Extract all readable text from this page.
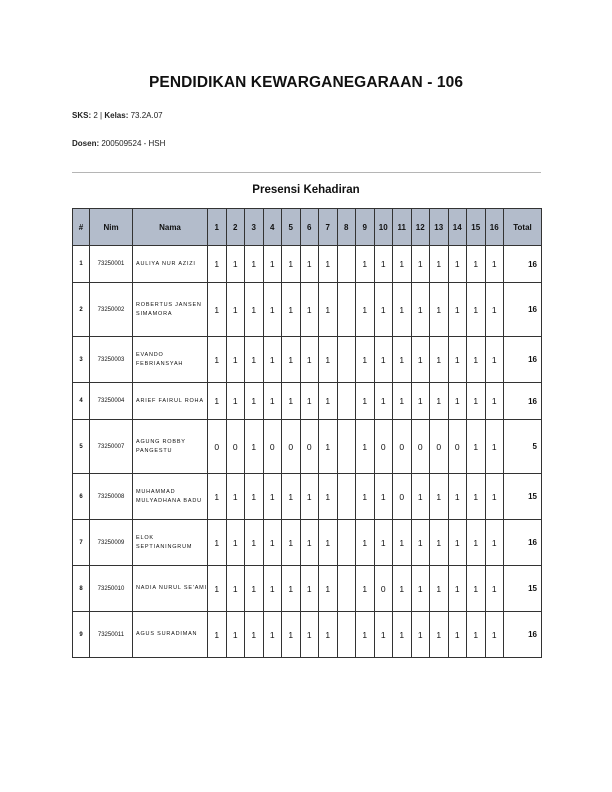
PENDIDIKAN KEWARGANEGARAAN - 106
SKS: 2 | Kelas: 73.2A.07
Dosen: 200509524 - HSH
Presensi Kehadiran
#	Nim	Nama	1	2	3	4	5	6	7	8	9	10	11	12	13	14	15	16	Total
1	73250001	AULIYA NUR AZIZI	1	1	1	1	1	1	1		1	1	1	1	1	1	1	1	16
2	73250002	ROBERTUS JANSEN SIMAMORA	1	1	1	1	1	1	1		1	1	1	1	1	1	1	1	16
3	73250003	EVANDO FEBRIANSYAH	1	1	1	1	1	1	1		1	1	1	1	1	1	1	1	16
4	73250004	ARIEF FAIRUL ROHA	1	1	1	1	1	1	1		1	1	1	1	1	1	1	1	16
5	73250007	AGUNG ROBBY PANGESTU	0	0	1	0	0	0	1		1	0	0	0	0	0	1	1	5
6	73250008	MUHAMMAD MULYADHANA BADU	1	1	1	1	1	1	1		1	1	0	1	1	1	1	1	15
7	73250009	ELOK SEPTIANINGRUM	1	1	1	1	1	1	1		1	1	1	1	1	1	1	1	16
8	73250010	NADIA NURUL SE'AMI	1	1	1	1	1	1	1		1	0	1	1	1	1	1	1	15
9	73250011	AGUS SURADIMAN	1	1	1	1	1	1	1		1	1	1	1	1	1	1	1	16
